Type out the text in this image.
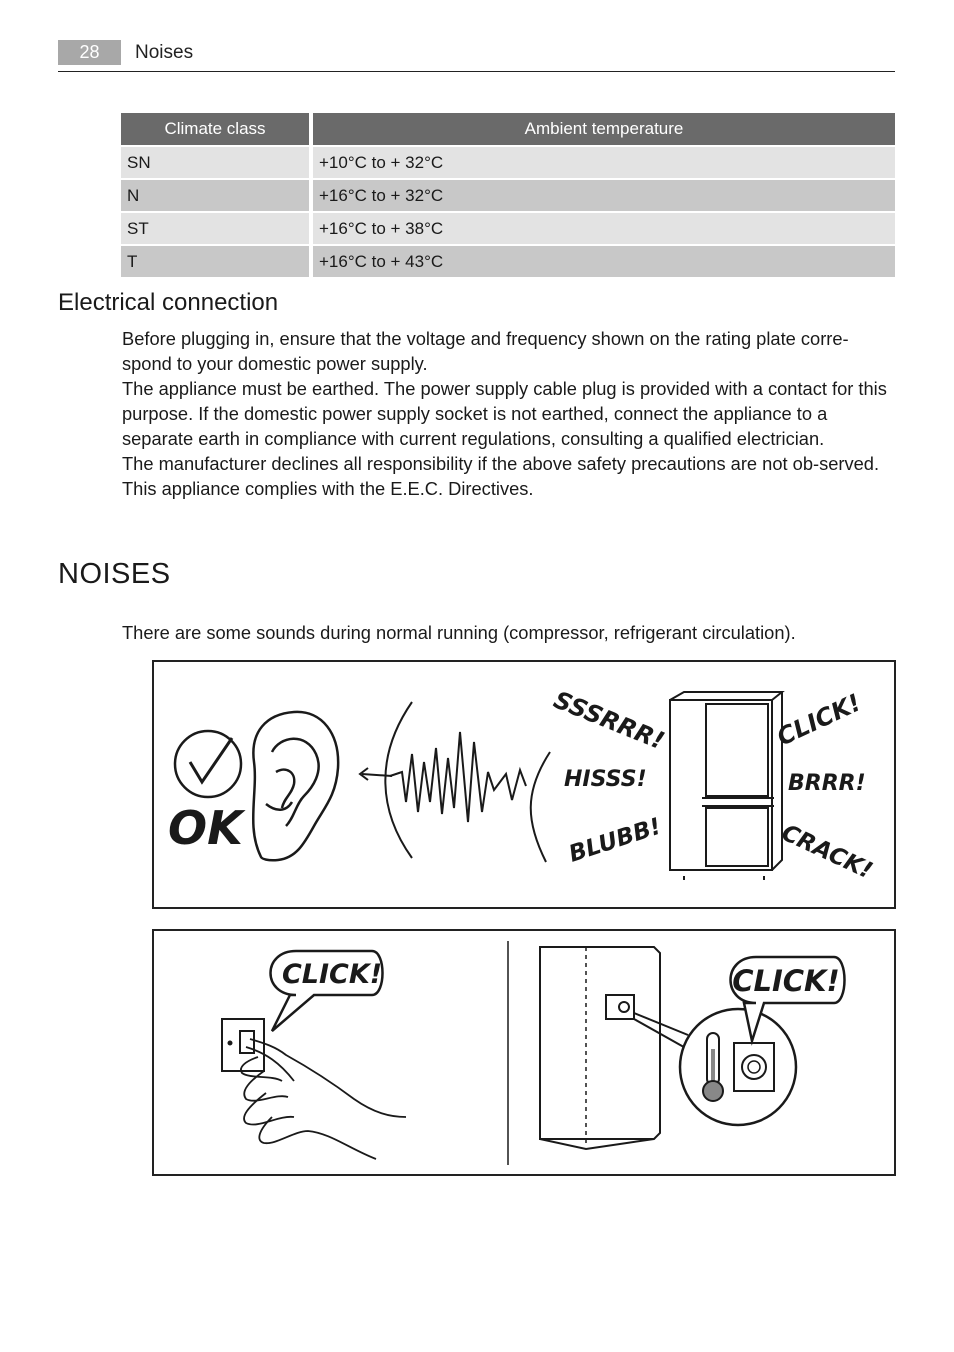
28	Noises
Climate class	Ambient temperature
SN	+10°C to + 32°C
N	+16°C to + 32°C
ST	+16°C to + 38°C
T	+16°C to + 43°C
Electrical connection

Before plugging in, ensure that the voltage and frequency shown on the rating plate corre-spond to your domestic power supply.

The appliance must be earthed. The power supply cable plug is provided with a contact for this purpose. If the domestic power supply socket is not earthed, connect the appliance to a separate earth in compliance with current regulations, consulting a qualified electrician.

The manufacturer declines all responsibility if the above safety precautions are not ob-served.

This appliance complies with the E.E.C. Directives.

NOISES
There are some sounds during normal running (compressor, refrigerant circulation).
OK
SSSRRR!
HISSS!
BLUBB!
CLICK!
BRRR!
CRACK!
CLICK!	CLICK!
